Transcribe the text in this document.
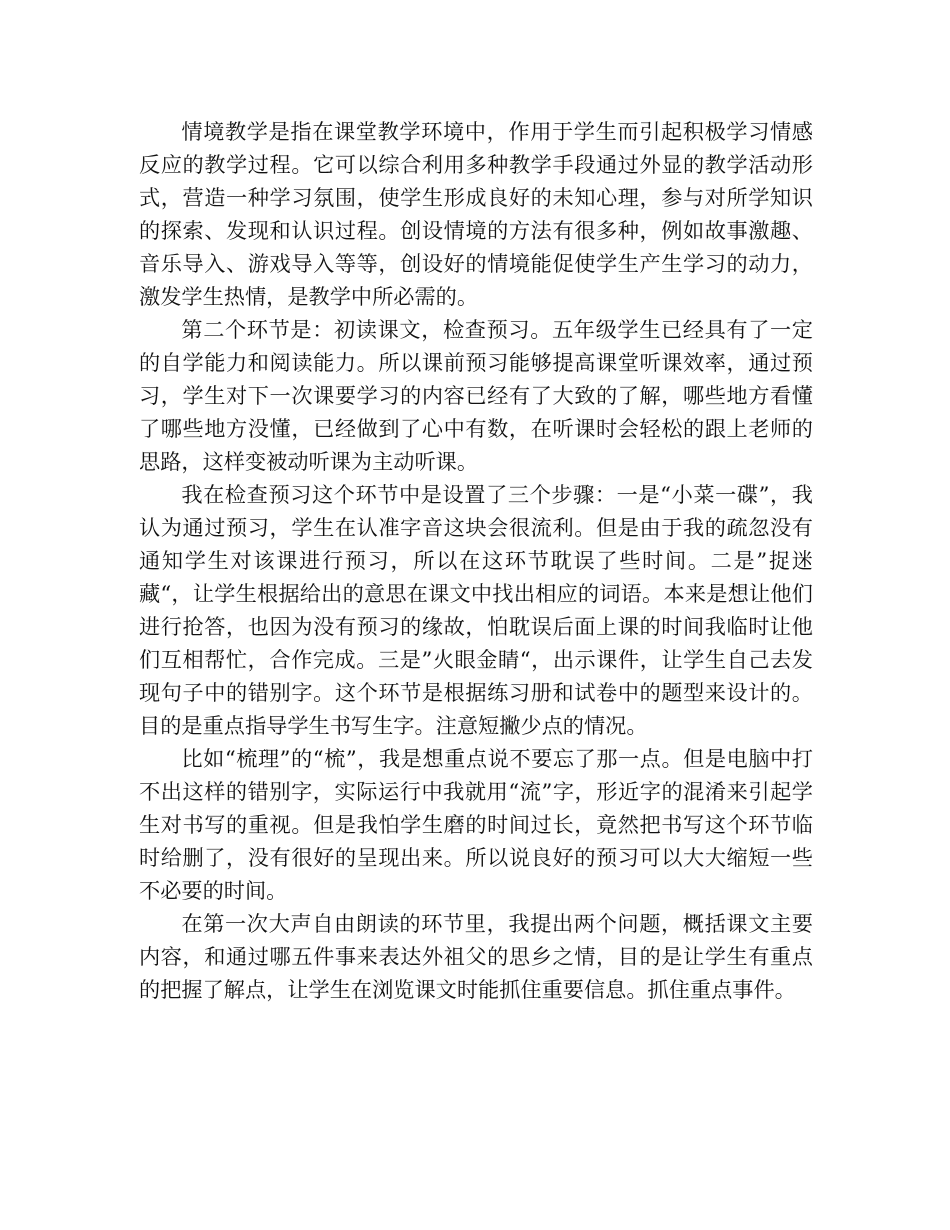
情境教学是指在课堂教学环境中，作用于学生而引起积极学习情感反应的教学过程。它可以综合利用多种教学手段通过外显的教学活动形式，营造一种学习氛围，使学生形成良好的未知心理，参与对所学知识的探索、发现和认识过程。创设情境的方法有很多种，例如故事激趣、音乐导入、游戏导入等等，创设好的情境能促使学生产生学习的动力，激发学生热情，是教学中所必需的。

第二个环节是：初读课文，检查预习。五年级学生已经具有了一定的自学能力和阅读能力。所以课前预习能够提高课堂听课效率，通过预习，学生对下一次课要学习的内容已经有了大致的了解，哪些地方看懂了哪些地方没懂，已经做到了心中有数，在听课时会轻松的跟上老师的思路，这样变被动听课为主动听课。

我在检查预习这个环节中是设置了三个步骤：一是“小菜一碟”，我认为通过预习，学生在认准字音这块会很流利。但是由于我的疏忽没有通知学生对该课进行预习，所以在这环节耽误了些时间。二是”捉迷藏“，让学生根据给出的意思在课文中找出相应的词语。本来是想让他们进行抢答，也因为没有预习的缘故，怕耽误后面上课的时间我临时让他们互相帮忙，合作完成。三是”火眼金睛“，出示课件，让学生自己去发现句子中的错别字。这个环节是根据练习册和试卷中的题型来设计的。目的是重点指导学生书写生字。注意短撇少点的情况。

比如“梳理”的“梳”，我是想重点说不要忘了那一点。但是电脑中打不出这样的错别字，实际运行中我就用“流”字，形近字的混淆来引起学生对书写的重视。但是我怕学生磨的时间过长，竟然把书写这个环节临时给删了，没有很好的呈现出来。所以说良好的预习可以大大缩短一些不必要的时间。

在第一次大声自由朗读的环节里，我提出两个问题，概括课文主要内容，和通过哪五件事来表达外祖父的思乡之情，目的是让学生有重点的把握了解点，让学生在浏览课文时能抓住重要信息。抓住重点事件。
